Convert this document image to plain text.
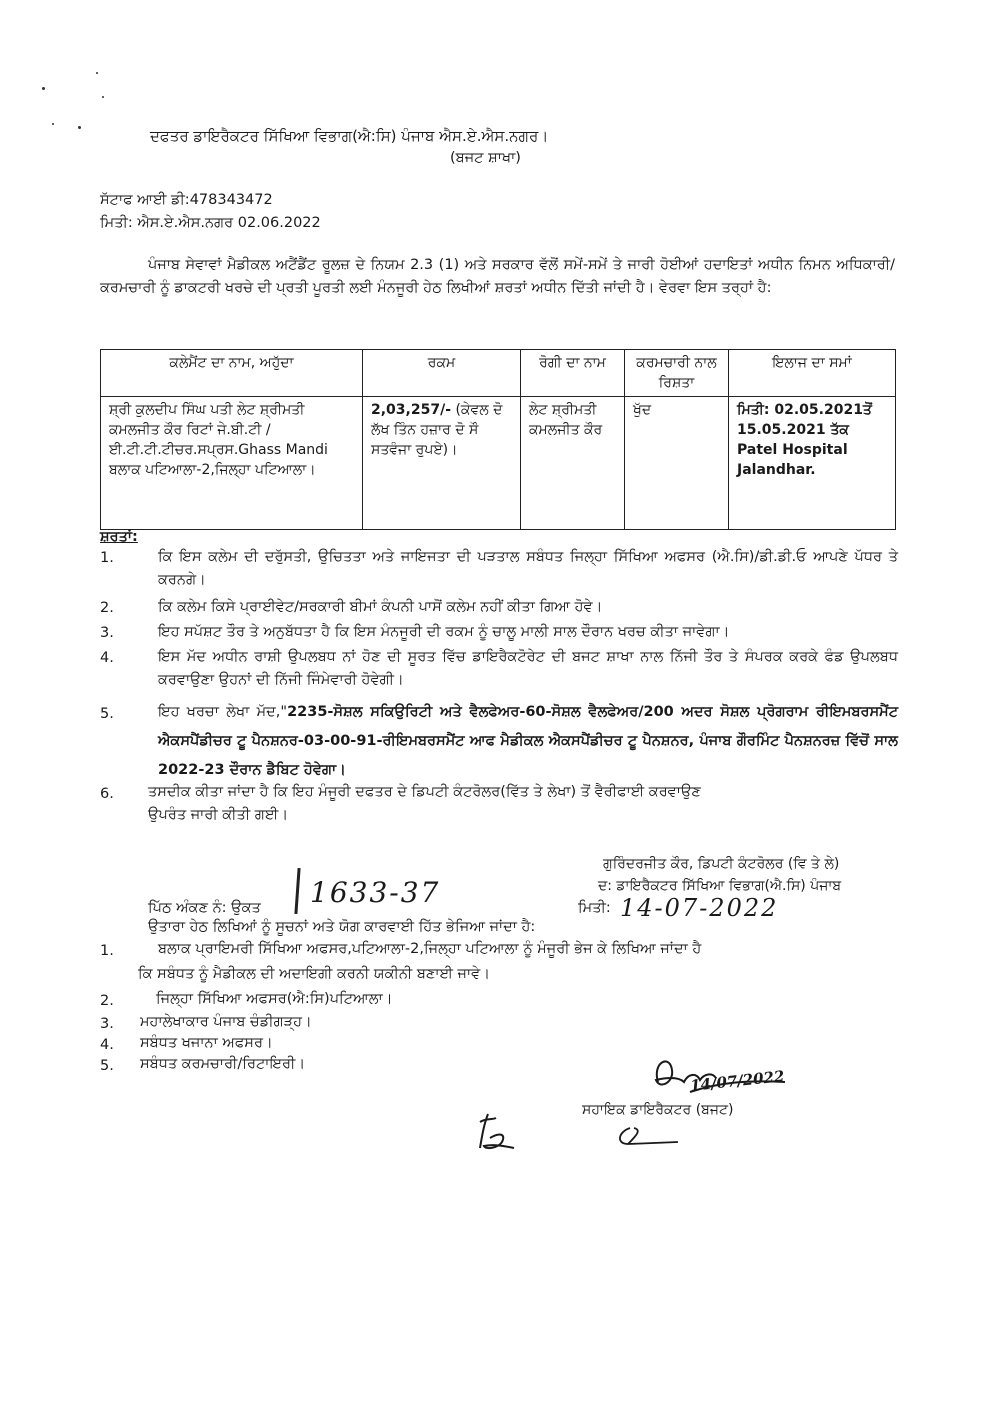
ਦਫਤਰ ਡਾਇਰੈਕਟਰ ਸਿੱਖਿਆ ਵਿਭਾਗ(ਐ:ਸਿ) ਪੰਜਾਬ ਐਸ.ਏ.ਐਸ.ਨਗਰ।
(ਬਜਟ ਸ਼ਾਖਾ)
ਸੱਟਾਫ ਆਈ ਡੀ:478343472
ਮਿਤੀ: ਐਸ.ਏ.ਐਸ.ਨਗਰ 02.06.2022
ਪੰਜਾਬ ਸੇਵਾਵਾਂ ਮੈਡੀਕਲ ਅਟੈਂਡੈਂਟ ਰੂਲਜ਼ ਦੇ ਨਿਯਮ 2.3 (1) ਅਤੇ ਸਰਕਾਰ ਵੱਲੋਂ ਸਮੇਂ-ਸਮੇਂ ਤੇ ਜਾਰੀ ਹੋਈਆਂ ਹਦਾਇਤਾਂ ਅਧੀਨ ਨਿਮਨ ਅਧਿਕਾਰੀ/ਕਰਮਚਾਰੀ ਨੂੰ ਡਾਕਟਰੀ ਖਰਚੇ ਦੀ ਪ੍ਰਤੀ ਪੂਰਤੀ ਲਈ ਮੰਨਜੂਰੀ ਹੇਠ ਲਿਖੀਆਂ ਸ਼ਰਤਾਂ ਅਧੀਨ ਦਿੱਤੀ ਜਾਂਦੀ ਹੈ। ਵੇਰਵਾ ਇਸ ਤਰ੍ਹਾਂ ਹੈ:
ਕਲੇਮੈਂਟ ਦਾ ਨਾਮ, ਅਹੁੱਦਾ	ਰਕਮ	ਰੋਗੀ ਦਾ ਨਾਮ	ਕਰਮਚਾਰੀ ਨਾਲ ਰਿਸ਼ਤਾ	ਇਲਾਜ ਦਾ ਸਮਾਂ
ਸ਼੍ਰੀ ਕੁਲਦੀਪ ਸਿੰਘ ਪਤੀ ਲੇਟ ਸ਼੍ਰੀਮਤੀ ਕਮਲਜੀਤ ਕੌਰ ਰਿਟਾਂ ਜੇ.ਬੀ.ਟੀ /ਈ.ਟੀ.ਟੀ.ਟੀਚਰ.ਸਪ੍ਰਸ.Ghass Mandi ਬਲਾਕ ਪਟਿਆਲਾ-2,ਜਿਲ੍ਹਾ ਪਟਿਆਲਾ।	2,03,257/- (ਕੇਵਲ ਦੋ ਲੱਖ ਤਿੰਨ ਹਜ਼ਾਰ ਦੋ ਸੌ ਸਤਵੰਜਾ ਰੁਪਏ)।	ਲੇਟ ਸ਼੍ਰੀਮਤੀ ਕਮਲਜੀਤ ਕੌਰ	ਖੁੱਦ	ਮਿਤੀ: 02.05.2021ਤੋਂ 15.05.2021 ਤੱਕ Patel Hospital Jalandhar.
ਸ਼ਰਤਾਂ:
1.	ਕਿ ਇਸ ਕਲੇਮ ਦੀ ਦਰੁੱਸਤੀ, ਉਚਿਤਤਾ ਅਤੇ ਜਾਇਜਤਾ ਦੀ ਪੜਤਾਲ ਸਬੰਧਤ ਜਿਲ੍ਹਾ ਸਿੱਖਿਆ ਅਫਸਰ (ਐ.ਸਿ)/ਡੀ.ਡੀ.ਓ ਆਪਣੇ ਪੱਧਰ ਤੇ ਕਰਨਗੇ।
2.	ਕਿ ਕਲੇਮ ਕਿਸੇ ਪ੍ਰਾਈਵੇਟ/ਸਰਕਾਰੀ ਬੀਮਾਂ ਕੰਪਨੀ ਪਾਸੋਂ ਕਲੇਮ ਨਹੀਂ ਕੀਤਾ ਗਿਆ ਹੋਵੇ।
3.	ਇਹ ਸਪੱਸ਼ਟ ਤੌਰ ਤੇ ਅਨੁਬੱਧਤਾ ਹੈ ਕਿ ਇਸ ਮੰਨਜੂਰੀ ਦੀ ਰਕਮ ਨੂੰ ਚਾਲੂ ਮਾਲੀ ਸਾਲ ਦੌਰਾਨ ਖਰਚ ਕੀਤਾ ਜਾਵੇਗਾ।
4.	ਇਸ ਮੱਦ ਅਧੀਨ ਰਾਸ਼ੀ ਉਪਲਬਧ ਨਾਂ ਹੋਣ ਦੀ ਸੂਰਤ ਵਿੱਚ ਡਾਇਰੈਕਟੋਰੇਟ ਦੀ ਬਜਟ ਸ਼ਾਖਾ ਨਾਲ ਨਿੱਜੀ ਤੌਰ ਤੇ ਸੰਪਰਕ ਕਰਕੇ ਫੰਡ ਉਪਲਬਧ ਕਰਵਾਉਣਾ ਉਹਨਾਂ ਦੀ ਨਿੱਜੀ ਜਿੰਮੇਵਾਰੀ ਹੋਵੇਗੀ।
5.	ਇਹ ਖਰਚਾ ਲੇਖਾ ਮੱਦ,"2235-ਸੋਸ਼ਲ ਸਕਿਉਰਿਟੀ ਅਤੇ ਵੈਲਫੇਅਰ-60-ਸੋਸ਼ਲ ਵੈਲਫੇਅਰ/200 ਅਦਰ ਸੋਸ਼ਲ ਪ੍ਰੋਗਰਾਮ ਰੀਇਮਬਰਸਮੈਂਟ ਐਕਸਪੈਂਡੀਚਰ ਟੂ ਪੈਨਸ਼ਨਰ-03-00-91-ਰੀਇਮਬਰਸਮੈਂਟ ਆਫ ਮੈਡੀਕਲ ਐਕਸਪੈਂਡੀਚਰ ਟੂ ਪੈਨਸ਼ਨਰ, ਪੰਜਾਬ ਗੌਰਮਿੰਟ ਪੈਨਸ਼ਨਰਜ਼ ਵਿੱਚੋਂ ਸਾਲ 2022-23 ਦੌਰਾਨ ਡੈਬਿਟ ਹੋਵੇਗਾ।
6. ਤਸਦੀਕ ਕੀਤਾ ਜਾਂਦਾ ਹੈ ਕਿ ਇਹ ਮੰਜੂਰੀ ਦਫਤਰ ਦੇ ਡਿਪਟੀ ਕੰਟਰੋਲਰ(ਵਿੱਤ ਤੇ ਲੇਖਾ) ਤੋਂ ਵੈਰੀਫਾਈ ਕਰਵਾਉਣ ਉਪਰੰਤ ਜਾਰੀ ਕੀਤੀ ਗਈ।
ਗੁਰਿੰਦਰਜੀਤ ਕੌਰ, ਡਿਪਟੀ ਕੰਟਰੋਲਰ (ਵਿ ਤੇ ਲੇ)
ਦ: ਡਾਇਰੈਕਟਰ ਸਿੱਖਿਆ ਵਿਭਾਗ(ਐ.ਸਿ) ਪੰਜਾਬ
ਪਿੱਠ ਅੰਕਣ ਨੰ: ਉਕਤ 1633-37	ਮਿਤੀ: 14-07-2022
ਉਤਾਰਾ ਹੇਠ ਲਿਖਿਆਂ ਨੂੰ ਸੂਚਨਾਂ ਅਤੇ ਯੋਗ ਕਾਰਵਾਈ ਹਿੱਤ ਭੇਜਿਆ ਜਾਂਦਾ ਹੈ:
1.	ਬਲਾਕ ਪ੍ਰਾਇਮਰੀ ਸਿੱਖਿਆ ਅਫਸਰ,ਪਟਿਆਲਾ-2,ਜਿਲ੍ਹਾ ਪਟਿਆਲਾ ਨੂੰ ਮੰਜੂਰੀ ਭੇਜ ਕੇ ਲਿਖਿਆ ਜਾਂਦਾ ਹੈ
ਕਿ ਸਬੰਧਤ ਨੂੰ ਮੈਡੀਕਲ ਦੀ ਅਦਾਇਗੀ ਕਰਨੀ ਯਕੀਨੀ ਬਣਾਈ ਜਾਵੇ।
2.	ਜਿਲ੍ਹਾ ਸਿੱਖਿਆ ਅਫਸਰ(ਐ:ਸਿ)ਪਟਿਆਲਾ।
3. ਮਹਾਲੇਖਾਕਾਰ ਪੰਜਾਬ ਚੰਡੀਗੜ੍ਹ।
4. ਸਬੰਧਤ ਖਜਾਨਾ ਅਫਸਰ।
5. ਸਬੰਧਤ ਕਰਮਚਾਰੀ/ਰਿਟਾਇਰੀ।
14/07/2022
ਸਹਾਇਕ ਡਾਇਰੈਕਟਰ (ਬਜਟ)
